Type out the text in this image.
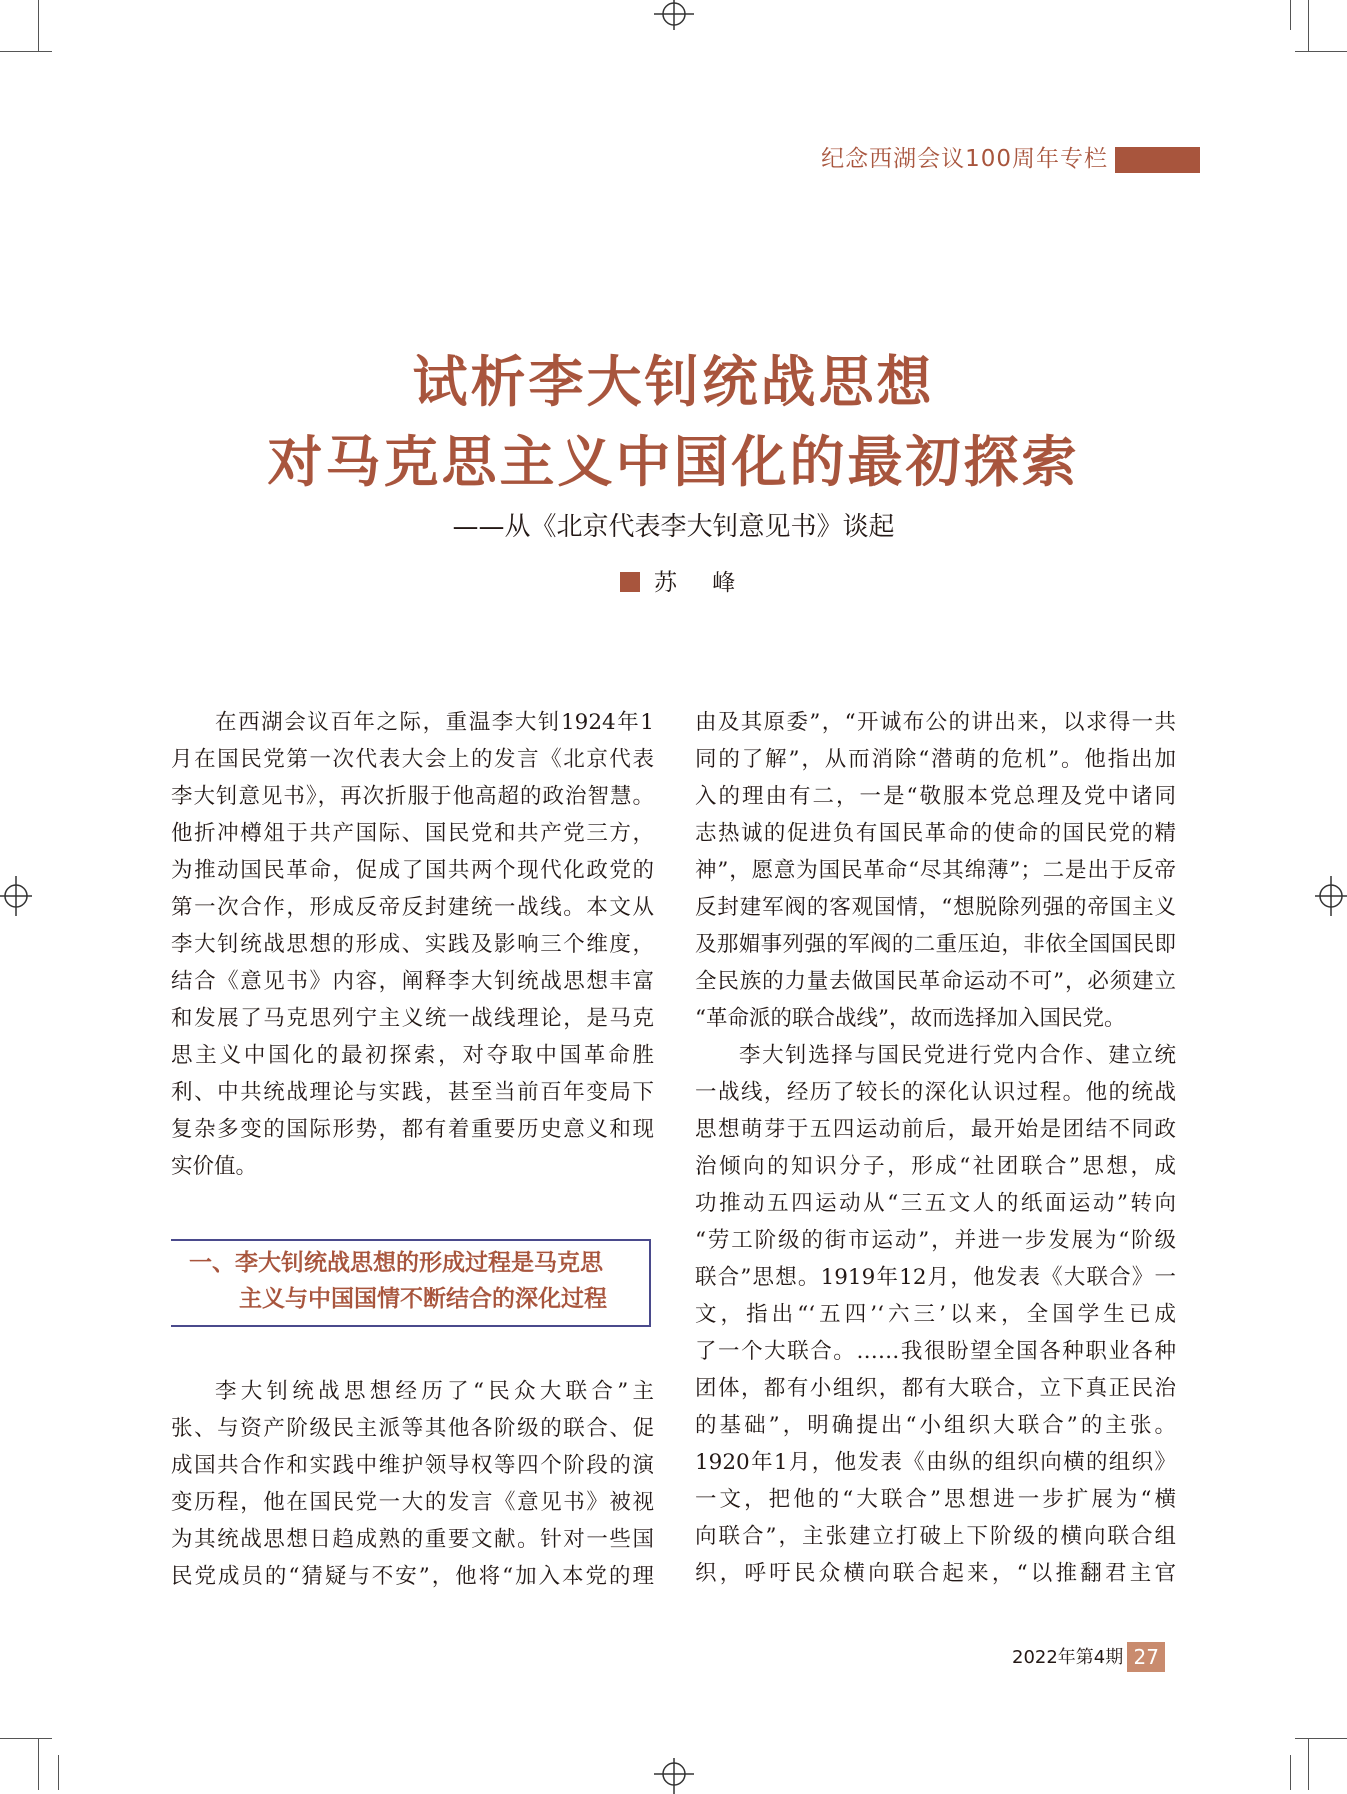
纪念西湖会议100周年专栏
试析李大钊统战思想
对马克思主义中国化的最初探索
——从《北京代表李大钊意见书》谈起
苏 峰
在西湖会议百年之际，重温李大钊1924年1
月在国民党第一次代表大会上的发言《北京代表
李大钊意见书》，再次折服于他高超的政治智慧。
他折冲樽俎于共产国际、国民党和共产党三方，
为推动国民革命，促成了国共两个现代化政党的
第一次合作，形成反帝反封建统一战线。本文从
李大钊统战思想的形成、实践及影响三个维度，
结合《意见书》内容，阐释李大钊统战思想丰富
和发展了马克思列宁主义统一战线理论，是马克
思主义中国化的最初探索，对夺取中国革命胜
利、中共统战理论与实践，甚至当前百年变局下
复杂多变的国际形势，都有着重要历史意义和现
实价值。
一、李大钊统战思想的形成过程是马克思
主义与中国国情不断结合的深化过程
李大钊统战思想经历了“民众大联合”主
张、与资产阶级民主派等其他各阶级的联合、促
成国共合作和实践中维护领导权等四个阶段的演
变历程，他在国民党一大的发言《意见书》被视
为其统战思想日趋成熟的重要文献。针对一些国
民党成员的“猜疑与不安”，他将“加入本党的理
由及其原委”，“开诚布公的讲出来，以求得一共
同的了解”，从而消除“潜萌的危机”。他指出加
入的理由有二，一是“敬服本党总理及党中诸同
志热诚的促进负有国民革命的使命的国民党的精
神”，愿意为国民革命“尽其绵薄”；二是出于反帝
反封建军阀的客观国情，“想脱除列强的帝国主义
及那媚事列强的军阀的二重压迫，非依全国国民即
全民族的力量去做国民革命运动不可”，必须建立
“革命派的联合战线”，故而选择加入国民党。
李大钊选择与国民党进行党内合作、建立统
一战线，经历了较长的深化认识过程。他的统战
思想萌芽于五四运动前后，最开始是团结不同政
治倾向的知识分子，形成“社团联合”思想，成
功推动五四运动从“三五文人的纸面运动”转向
“劳工阶级的街市运动”，并进一步发展为“阶级
联合”思想。1919年12月，他发表《大联合》一
文，指出“‘五四’‘六三’以来，全国学生已成
了一个大联合。……我很盼望全国各种职业各种
团体，都有小组织，都有大联合，立下真正民治
的基础”，明确提出“小组织大联合”的主张。
1920年1月，他发表《由纵的组织向横的组织》
一文，把他的“大联合”思想进一步扩展为“横
向联合”，主张建立打破上下阶级的横向联合组
织，呼吁民众横向联合起来，“以推翻君主官
2022年第4期 27
